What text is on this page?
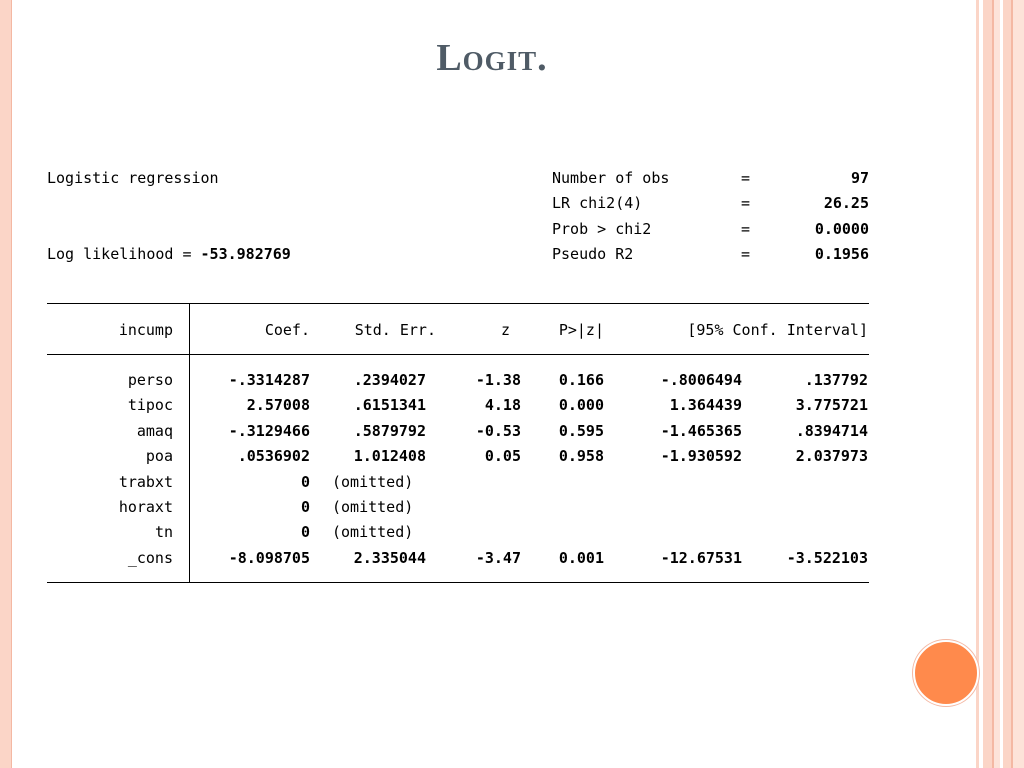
Logit.
Logistic regression
Log likelihood = -53.982769
Number of obs	=	97
LR chi2(4)	=	26.25
Prob > chi2	=	0.0000
Pseudo R2	=	0.1956
incump	Coef.	Std. Err.	z	P>|z|	[95% Conf. Interval]
perso	-.3314287	.2394027	-1.38	0.166	-.8006494	.137792
tipoc	2.57008	.6151341	4.18	0.000	1.364439	3.775721
amaq	-.3129466	.5879792	-0.53	0.595	-1.465365	.8394714
poa	.0536902	1.012408	0.05	0.958	-1.930592	2.037973
trabxt	0 (omitted)
horaxt	0 (omitted)
tn	0 (omitted)
_cons	-8.098705	2.335044	-3.47	0.001	-12.67531	-3.522103
